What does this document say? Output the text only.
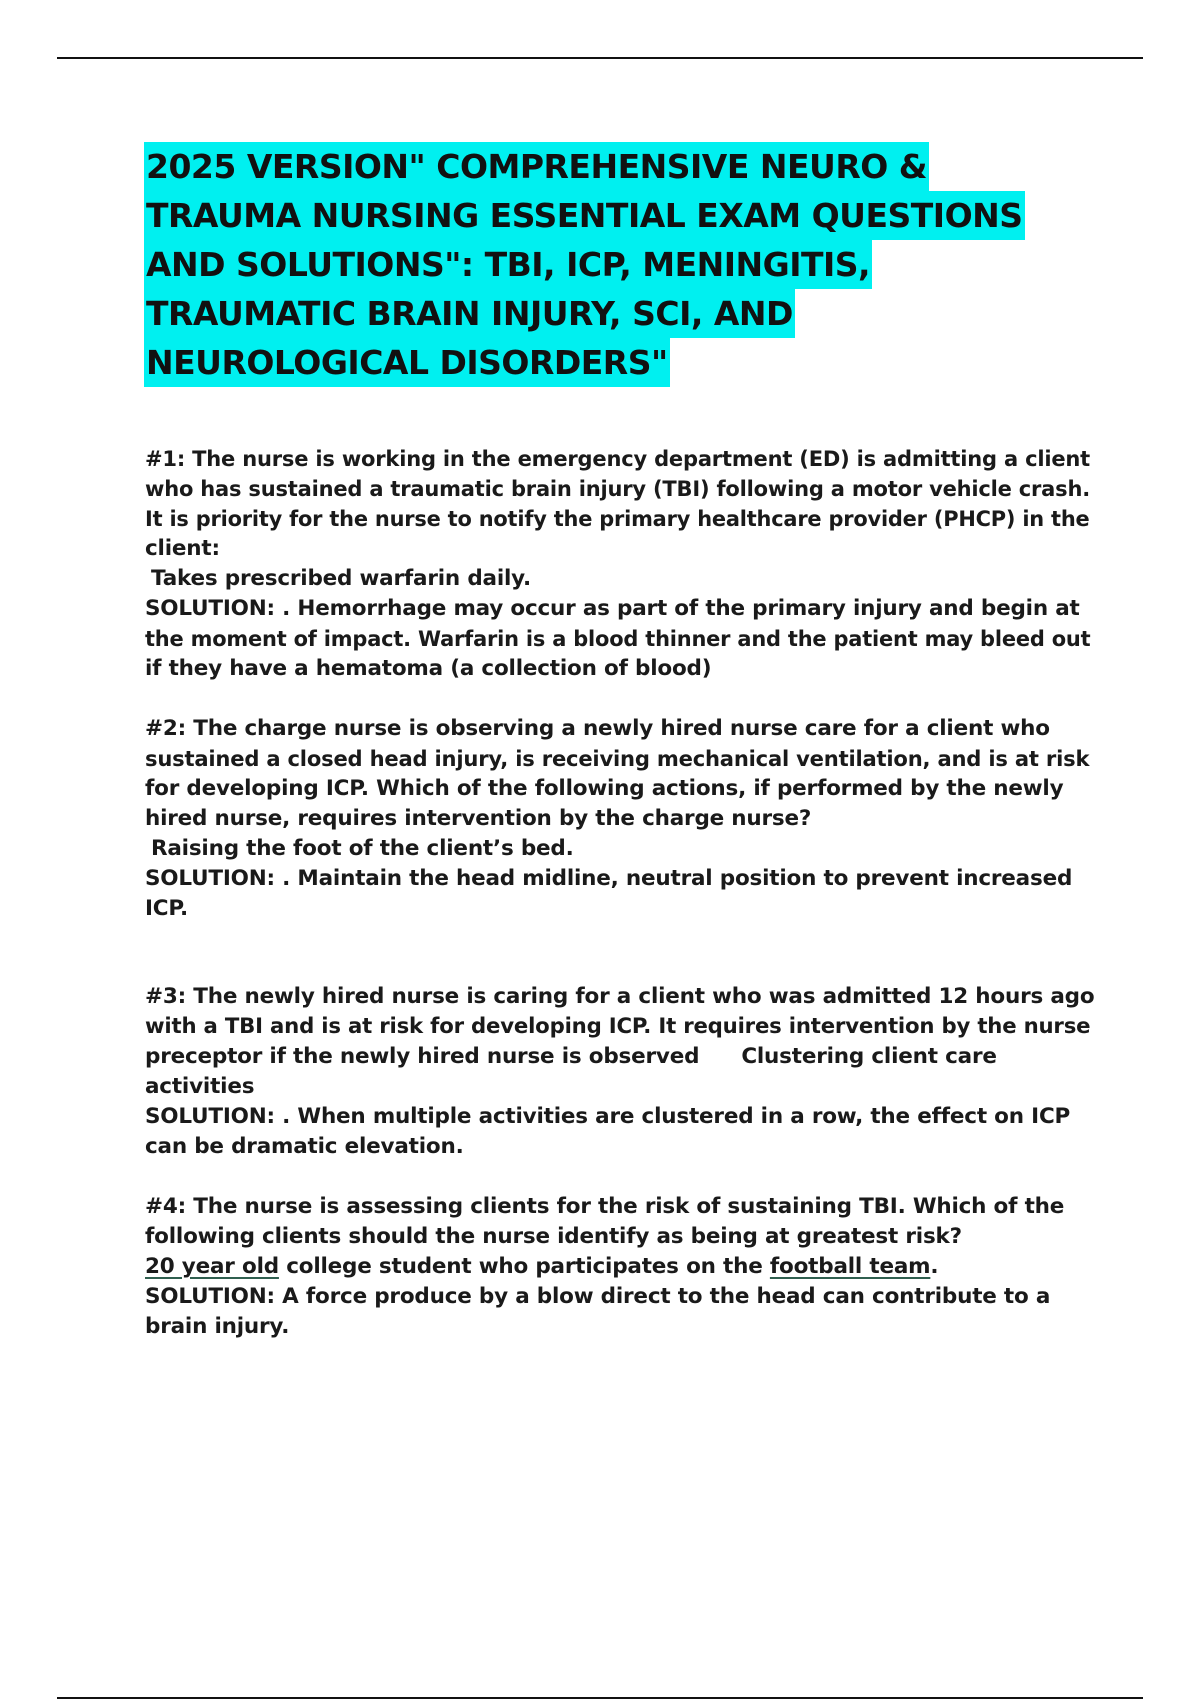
2025 VERSION" COMPREHENSIVE NEURO &
TRAUMA NURSING ESSENTIAL EXAM QUESTIONS
AND SOLUTIONS": TBI, ICP, MENINGITIS,
TRAUMATIC BRAIN INJURY, SCI, AND
NEUROLOGICAL DISORDERS"
#1: The nurse is working in the emergency department (ED) is admitting a client
who has sustained a traumatic brain injury (TBI) following a motor vehicle crash.
It is priority for the nurse to notify the primary healthcare provider (PHCP) in the
client:
Takes prescribed warfarin daily.
SOLUTION: . Hemorrhage may occur as part of the primary injury and begin at
the moment of impact. Warfarin is a blood thinner and the patient may bleed out
if they have a hematoma (a collection of blood)
#2: The charge nurse is observing a newly hired nurse care for a client who
sustained a closed head injury, is receiving mechanical ventilation, and is at risk
for developing ICP. Which of the following actions, if performed by the newly
hired nurse, requires intervention by the charge nurse?
Raising the foot of the client’s bed.
SOLUTION: . Maintain the head midline, neutral position to prevent increased
ICP.
#3: The newly hired nurse is caring for a client who was admitted 12 hours ago
with a TBI and is at risk for developing ICP. It requires intervention by the nurse
preceptor if the newly hired nurse is observed Clustering client care
activities
SOLUTION: . When multiple activities are clustered in a row, the effect on ICP
can be dramatic elevation.
#4: The nurse is assessing clients for the risk of sustaining TBI. Which of the
following clients should the nurse identify as being at greatest risk?
20 year old college student who participates on the football team.
SOLUTION: A force produce by a blow direct to the head can contribute to a
brain injury.
